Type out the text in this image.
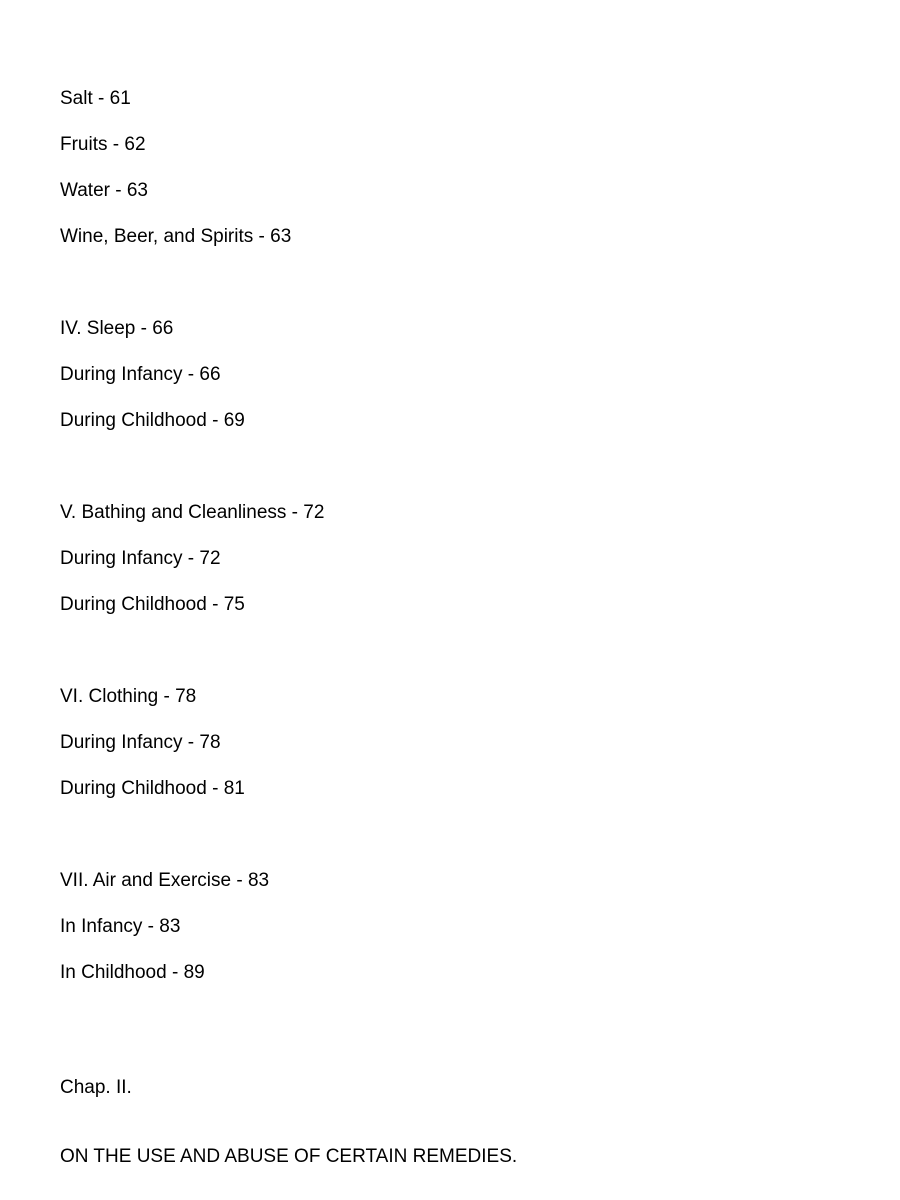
Salt - 61
Fruits - 62
Water - 63
Wine, Beer, and Spirits - 63
IV. Sleep - 66
During Infancy - 66
During Childhood - 69
V. Bathing and Cleanliness - 72
During Infancy - 72
During Childhood - 75
VI. Clothing - 78
During Infancy - 78
During Childhood - 81
VII. Air and Exercise - 83
In Infancy - 83
In Childhood - 89
Chap. II.
ON THE USE AND ABUSE OF CERTAIN REMEDIES.
